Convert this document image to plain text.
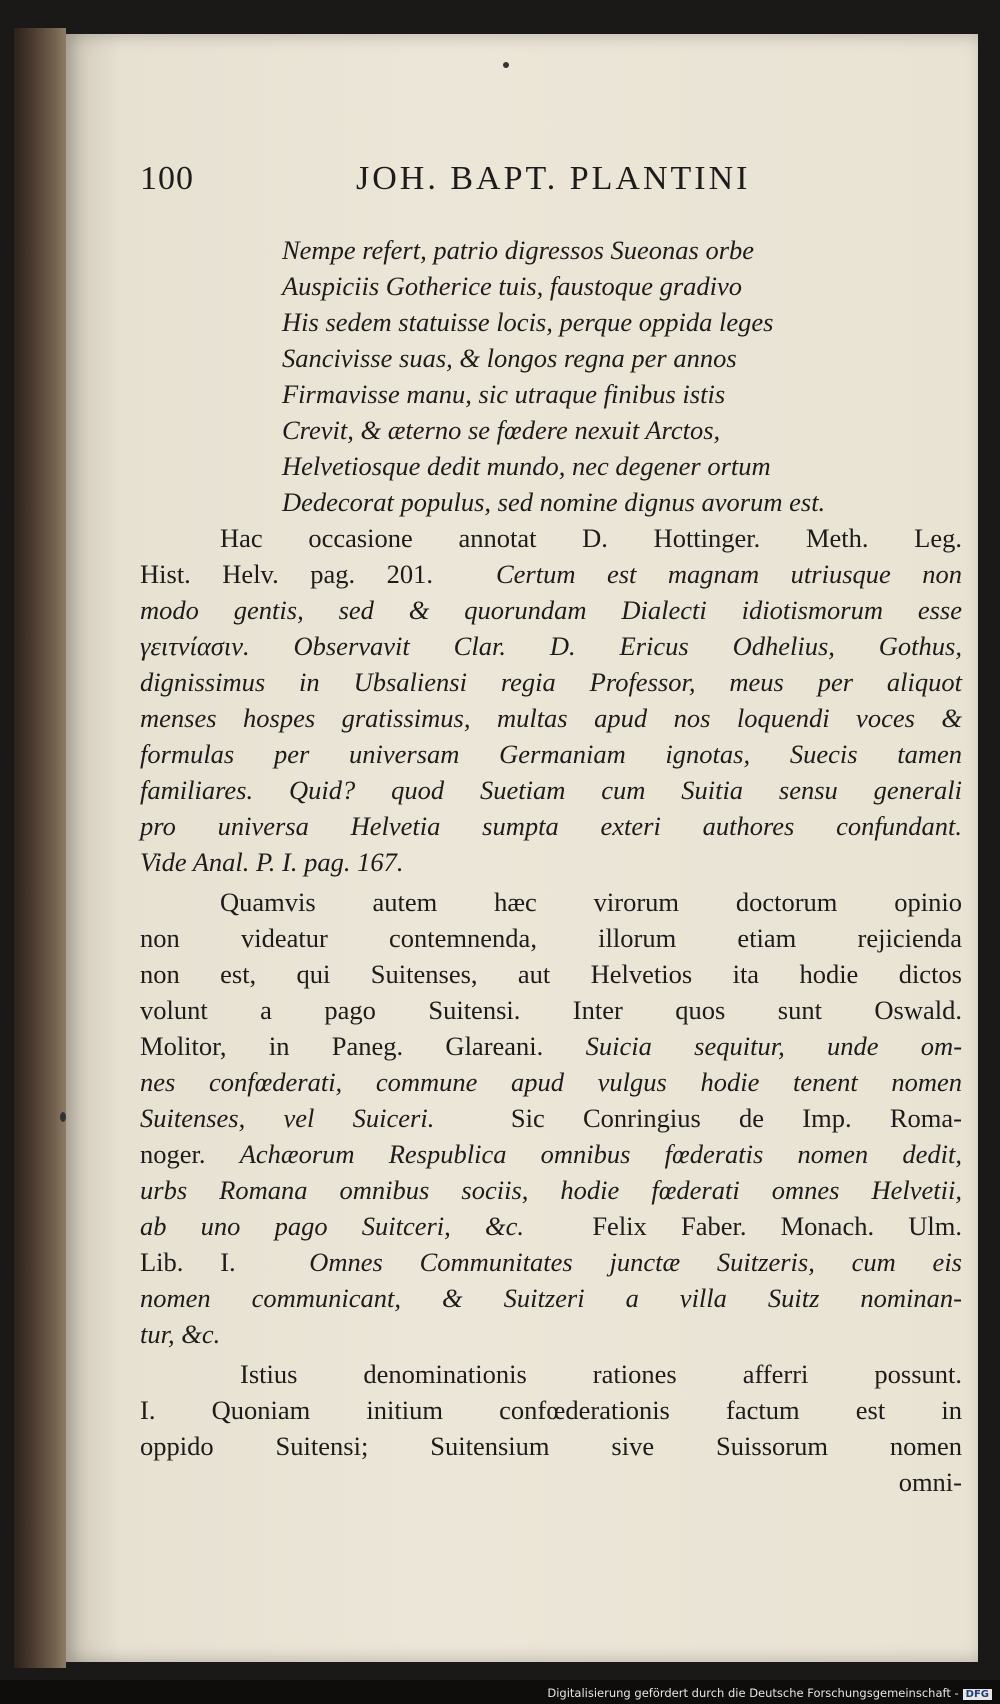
100	JOH. BAPT. PLANTINI
Nempe refert, patrio digressos Sueonas orbe
Auspiciis Gotherice tuis, faustoque gradivo
His sedem statuisse locis, perque oppida leges
Sancivisse suas, & longos regna per annos
Firmavisse manu, sic utraque finibus istis
Crevit, & æterno se fœdere nexuit Arctos,
Helvetiosque dedit mundo, nec degener ortum
Dedecorat populus, sed nomine dignus avorum est.
Hac occasione annotat D. Hottinger. Meth. Leg.
Hist. Helv. pag. 201. Certum est magnam utriusque non
modo gentis, sed & quorundam Dialecti idiotismorum esse
γειτνίασιν. Observavit Clar. D. Ericus Odhelius, Gothus,
dignissimus in Ubsaliensi regia Professor, meus per aliquot
menses hospes gratissimus, multas apud nos loquendi voces &
formulas per universam Germaniam ignotas, Suecis tamen
familiares. Quid? quod Suetiam cum Suitia sensu generali
pro universa Helvetia sumpta exteri authores confundant.
Vide Anal. P. I. pag. 167.
Quamvis autem hæc virorum doctorum opinio
non videatur contemnenda, illorum etiam rejicienda
non est, qui Suitenses, aut Helvetios ita hodie dictos
volunt a pago Suitensi. Inter quos sunt Oswald.
Molitor, in Paneg. Glareani. Suicia sequitur, unde om-
nes confœderati, commune apud vulgus hodie tenent nomen
Suitenses, vel Suiceri.	Sic Conringius de Imp. Roma-
noger. Achæorum Respublica omnibus fœderatis nomen dedit,
urbs Romana omnibus sociis, hodie fœderati omnes Helvetii,
ab uno pago Suitceri, &c.	Felix Faber. Monach. Ulm.
Lib. I.	Omnes Communitates junctæ Suitzeris, cum eis
nomen communicant, & Suitzeri a villa Suitz nominan-
tur, &c.
Istius denominationis rationes afferri possunt.
I. Quoniam initium confœderationis factum est in
oppido Suitensi; Suitensium sive Suissorum nomen
omni-
Digitalisierung gefördert durch die Deutsche Forschungsgemeinschaft - DFG
